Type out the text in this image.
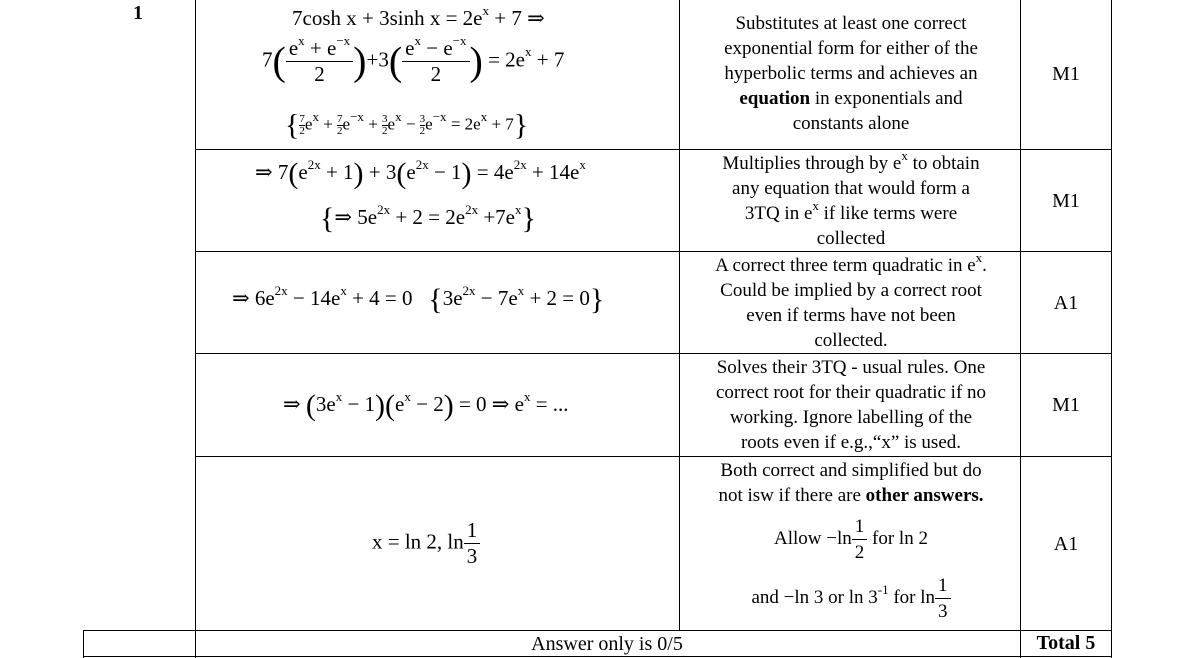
1	7cosh x + 3sinh $x = 2e^x + 7$ ⇒
$7( \frac{e^x + e^{-x}}{2} )+3( \frac{e^x - e^{-x}}{2}$ ) = $2e^x + 7$
{ $\frac{7}{2} e^x + \frac{7}{2} e^{-x} + \frac{3}{2} e^x - \frac{3}{2} e^{-x} = 2e^x + 7$}
Substitutes at least one correct
exponential form for either of the
hyperbolic terms and achieves an
equation in exponentials and
constants alone
M1
⇒ $7(e^{2x} + 1) + 3(e^{2x} - 1) = 4e^{2x} + 14e^x$
{⇒ $5e^{2x} + 2 = 2e^{2x} +7e^x$}
Multiplies through by $e^x$ to obtain
any equation that would form a
3TQ in $e^x$ if like terms were
collected
M1
⇒ $6e^{2x} - 14e^x + 4 = 0$   $\{3e^{2x} - 7e^x + 2 = 0\}$
A correct three term quadratic in $e^x$.
Could be implied by a correct root
even if terms have not been
collected.
A1
⇒ $(3e^x - 1)(e^x - 2) = 0$ ⇒ $e^x$ = ...
Solves their 3TQ - usual rules. One
correct root for their quadratic if no
working. Ignore labelling of the
roots even if e.g.,“x” is used.
M1
x = ln 2, $\ln \frac{1}{3}$
Both correct and simplified but do
not isw if there are other answers.
Allow $-\ln \frac{1}{2}$ for ln 2
and −ln 3 or $\ln 3^{-1}$ for $\ln \frac{1}{3}$
A1
Answer only is 0/5	Total 5
